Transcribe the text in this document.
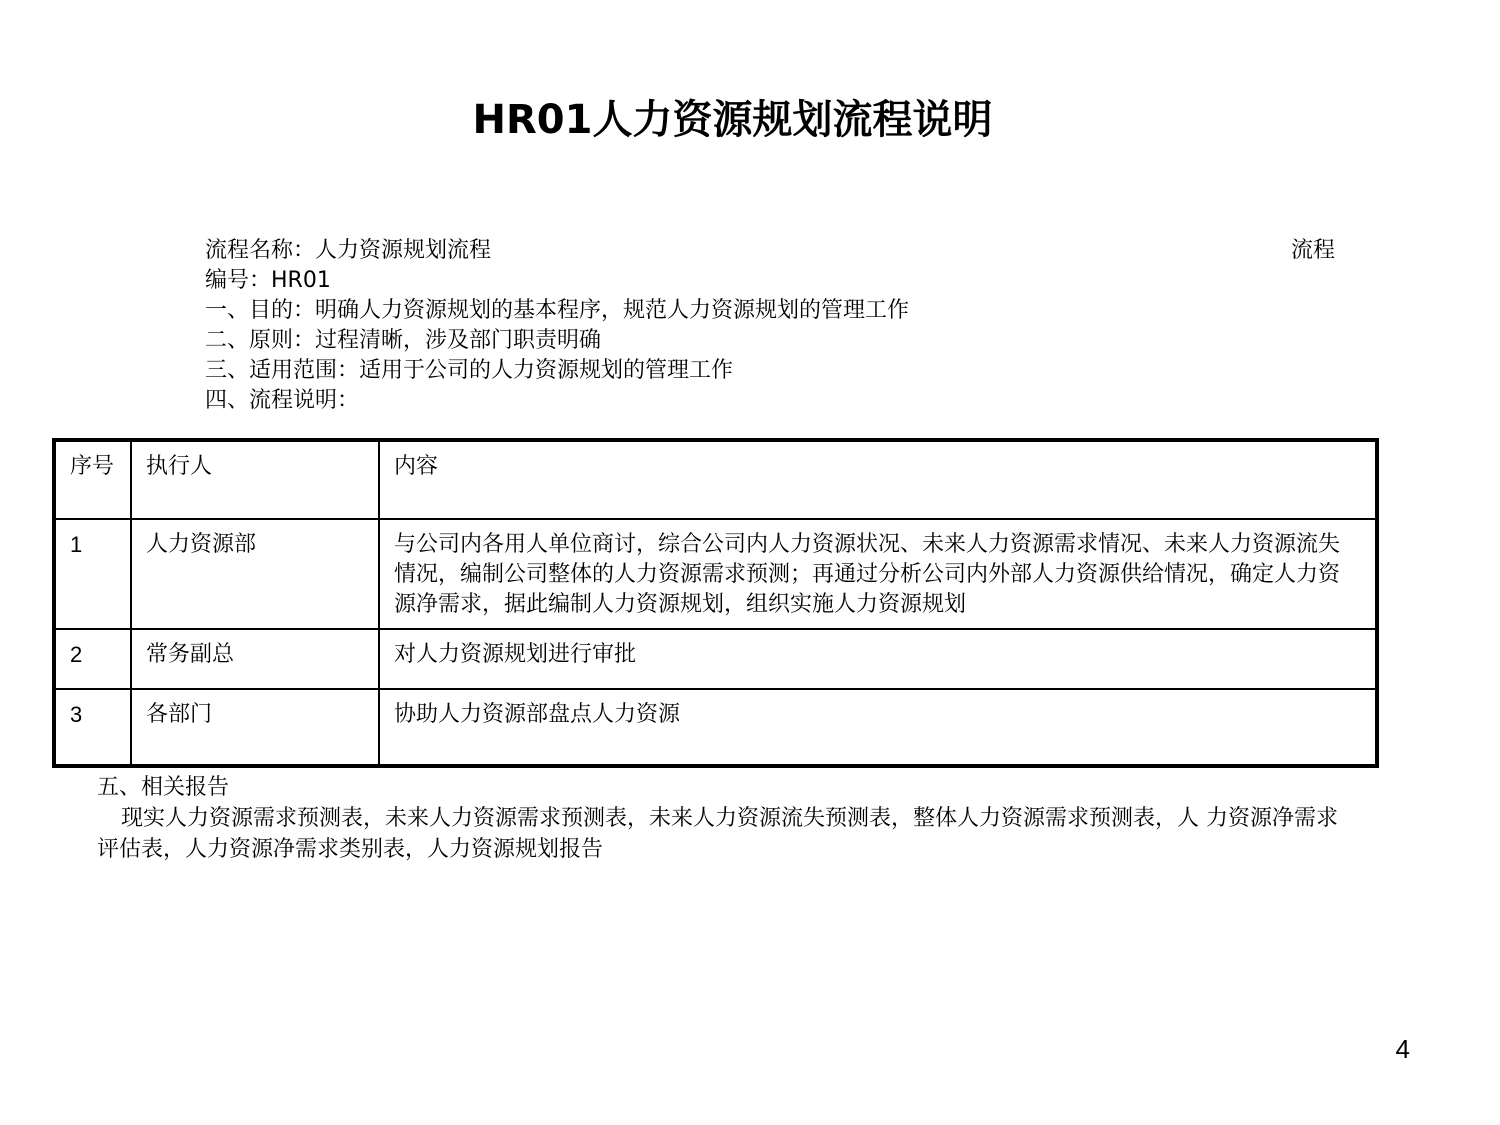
HR01人力资源规划流程说明
流程名称：人力资源规划流程	流程
编号：HR01
一、目的：明确人力资源规划的基本程序，规范人力资源规划的管理工作
二、原则：过程清晰，涉及部门职责明确
三、适用范围：适用于公司的人力资源规划的管理工作
四、流程说明：
序号	执行人	内容
1	人力资源部	与公司内各用人单位商讨，综合公司内人力资源状况、未来人力资源需求情况、未来人力资源流失情况，编制公司整体的人力资源需求预测；再通过分析公司内外部人力资源供给情况，确定人力资源净需求，据此编制人力资源规划，组织实施人力资源规划
2	常务副总	对人力资源规划进行审批
3	各部门	协助人力资源部盘点人力资源
五、相关报告
现实人力资源需求预测表，未来人力资源需求预测表，未来人力资源流失预测表，整体人力资源需求预测表，人 力资源净需求评估表，人力资源净需求类别表，人力资源规划报告
4
